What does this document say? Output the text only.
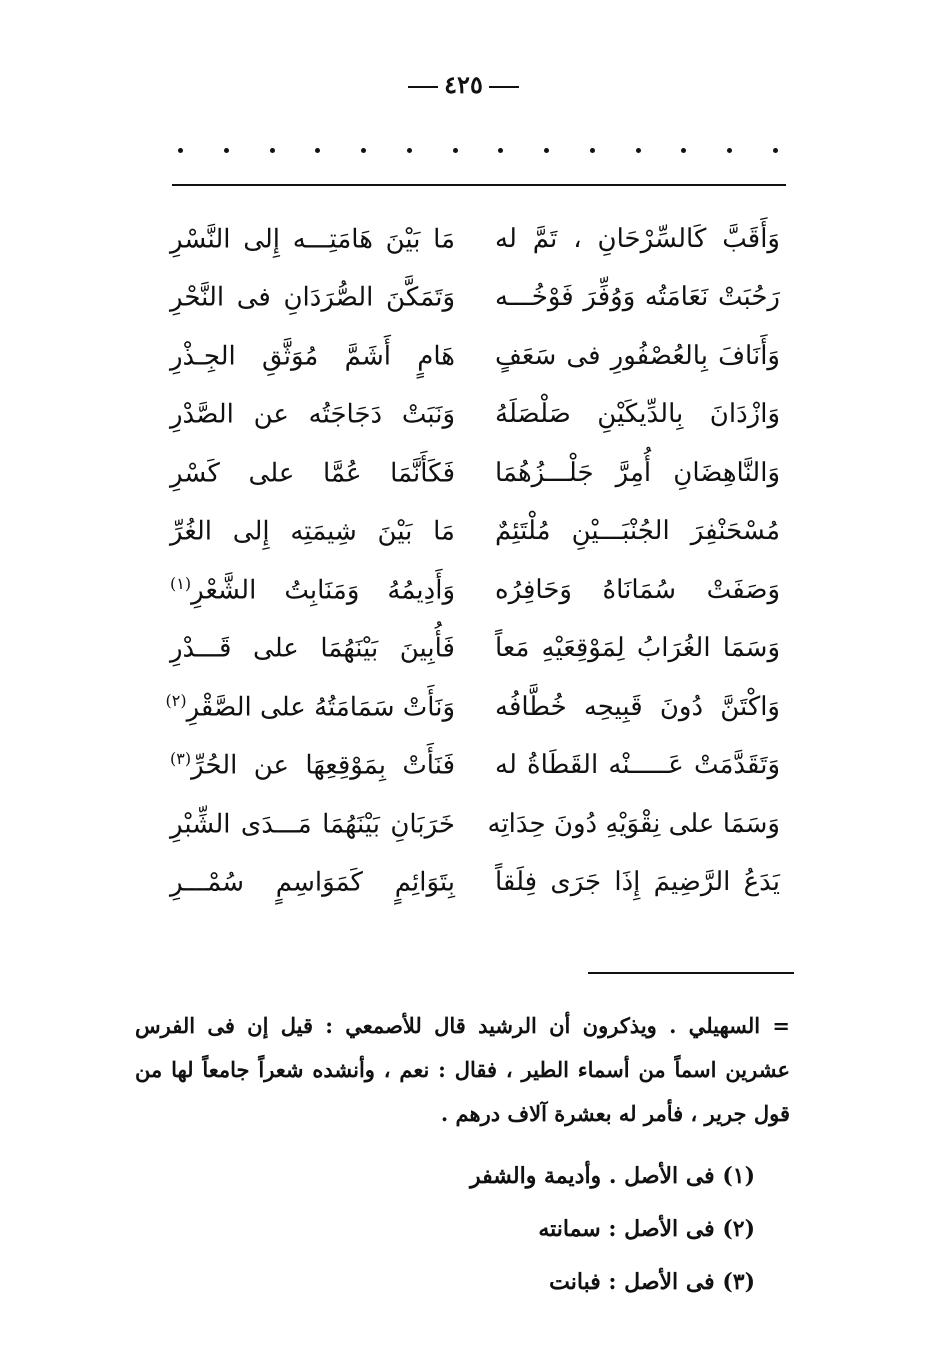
٤٢٥
وَأَقَبَّ كَالسِّرْحَانِ ، تَمَّ له
مَا بَيْنَ هَامَتِـــه إِلى النَّسْرِ
رَحُبَتْ نَعَامَتُه وَوُفِّرَ فَوْخُـــه
وَتَمَكَّنَ الصُّرَدَانِ فى النَّحْرِ
وَأَنَافَ بِالعُصْفُورِ فى سَعَفٍ
هَامٍ أَشَمَّ مُوَثَّقِ الجِـذْرِ
وَازْدَانَ بِالدِّيكَيْنِ صَلْصَلَهُ
وَنَبَتْ دَجَاجَتُه عن الصَّدْرِ
وَالنَّاهِضَانِ أُمِرَّ جَلْـــزُهُمَا
فَكَأَنَّمَا عُمَّا على كَسْرِ
مُسْحَنْفِرَ الجُنْبَـــيْنِ مُلْتَئِمٌ
مَا بَيْنَ شِيمَتِه إِلى الغُرِّ
وَصَفَتْ سُمَانَاهُ وَحَافِرُه
وَأَدِيمُهُ وَمَنَابِتُ الشَّعْرِ$^{(١)}$
وَسَمَا الغُرَابُ لِمَوْقِعَيْهِ مَعاً
فَأُبِينَ بَيْنَهُمَا على قَـــدْرِ
وَاكْتَنَّ دُونَ قَبِيحِه خُطَّافُه
وَنَأَتْ سَمَامَتُهُ على الصَّقْرِ$^{(٢)}$
وَتَقَدَّمَتْ عَـــــنْه القَطَاةُ له
فَنَأَتْ بِمَوْقِعِهَا عن الحُرِّ$^{(٣)}$
وَسَمَا على نِقْوَيْهِ دُونَ حِدَاتِه
خَرَبَانِ بَيْنَهُمَا مَـــدَى الشِّبْرِ
يَدَعُ الرَّضِيمَ إِذَا جَرَى فِلَقاً
بِتَوَائِمٍ كَمَوَاسِمٍ سُمْـــرِ
= السهيلي . ويذكرون أن الرشيد قال للأصمعي : قيل إن فى الفرس عشرين اسماً من أسماء الطير ، فقال : نعم ، وأنشده شعراً جامعاً لها من قول جرير ، فأمر له بعشرة آلاف درهم .
(١) فى الأصل . وأديمة والشفر
(٢) فى الأصل : سمانته
(٣) فى الأصل : فبانت
